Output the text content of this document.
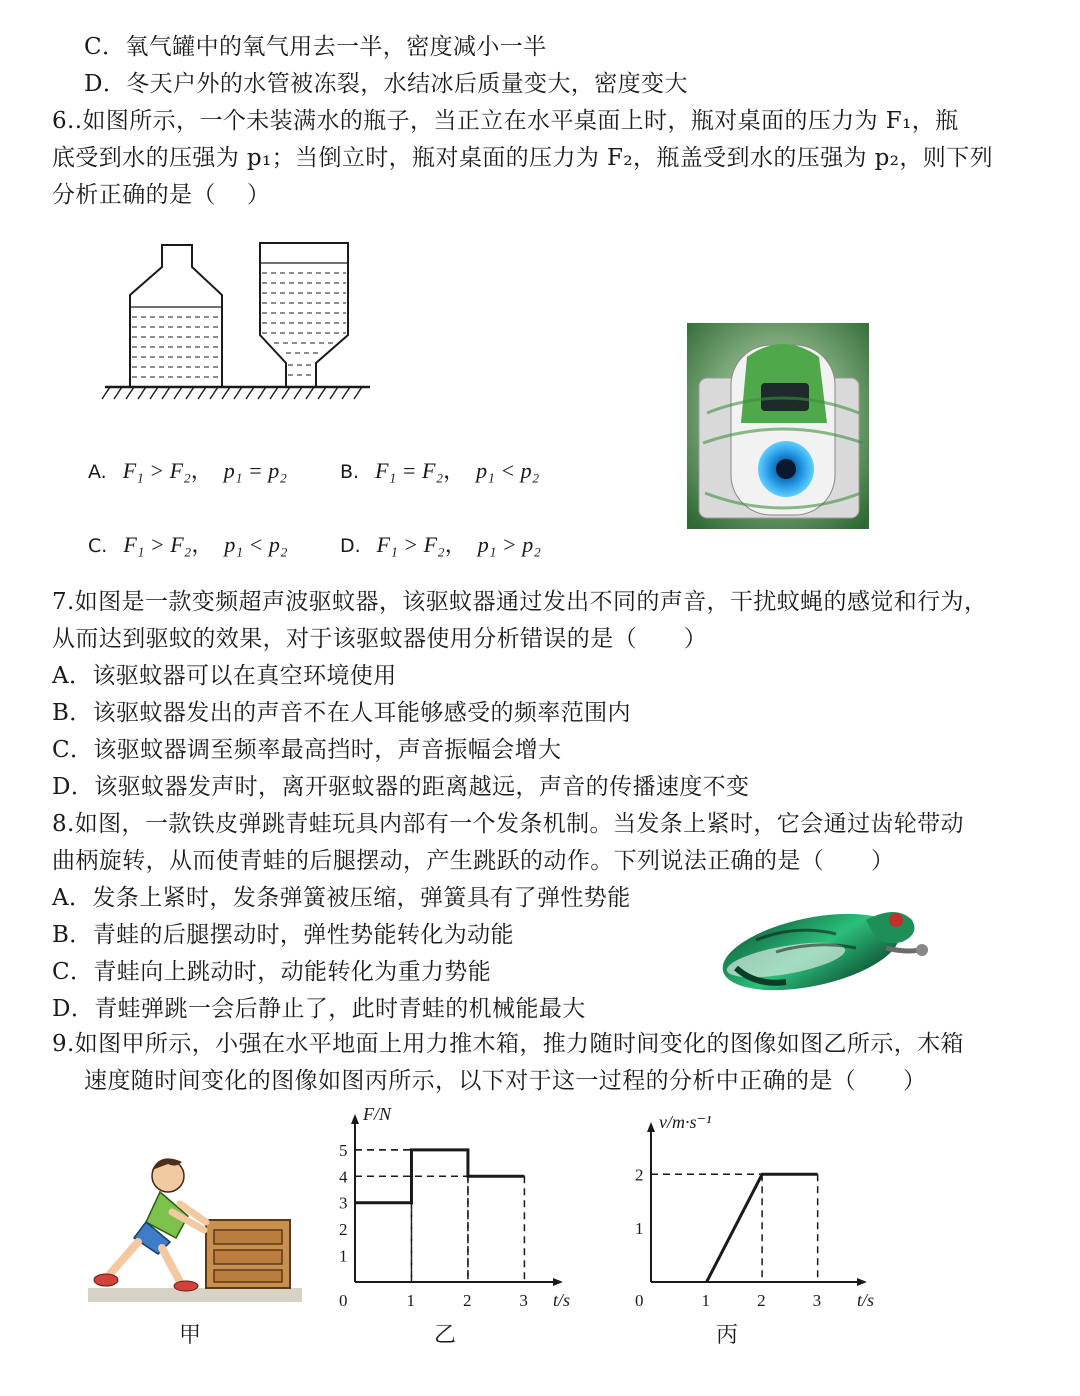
C．氧气罐中的氧气用去一半，密度减小一半
D．冬天户外的水管被冻裂，水结冰后质量变大，密度变大
6..如图所示，一个未装满水的瓶子，当正立在水平桌面上时，瓶对桌面的压力为 F₁，瓶
底受到水的压强为 p₁；当倒立时，瓶对桌面的压力为 F₂，瓶盖受到水的压强为 p₂，则下列
分析正确的是（　 ）
A. F₁ > F₂，  p₁ = p₂	B. F₁ = F₂，  p₁ < p₂
C. F₁ > F₂，  p₁ < p₂	D. F₁ > F₂，  p₁ > p₂
7.如图是一款变频超声波驱蚊器，该驱蚊器通过发出不同的声音，干扰蚊蝇的感觉和行为，
从而达到驱蚊的效果，对于该驱蚊器使用分析错误的是（　　）
A．该驱蚊器可以在真空环境使用
B．该驱蚊器发出的声音不在人耳能够感受的频率范围内
C．该驱蚊器调至频率最高挡时，声音振幅会增大
D．该驱蚊器发声时，离开驱蚊器的距离越远，声音的传播速度不变
8.如图，一款铁皮弹跳青蛙玩具内部有一个发条机制。当发条上紧时，它会通过齿轮带动
曲柄旋转，从而使青蛙的后腿摆动，产生跳跃的动作。下列说法正确的是（　　）
A．发条上紧时，发条弹簧被压缩，弹簧具有了弹性势能
B．青蛙的后腿摆动时，弹性势能转化为动能
C．青蛙向上跳动时，动能转化为重力势能
D．青蛙弹跳一会后静止了，此时青蛙的机械能最大
9.如图甲所示，小强在水平地面上用力推木箱，推力随时间变化的图像如图乙所示，木箱
速度随时间变化的图像如图丙所示，以下对于这一过程的分析中正确的是（　　）
F/N
t/s
0	1	2	3
1
2
3
4
5
v/m·s⁻¹
t/s
0	1	2	3
1
2
甲	乙	丙
